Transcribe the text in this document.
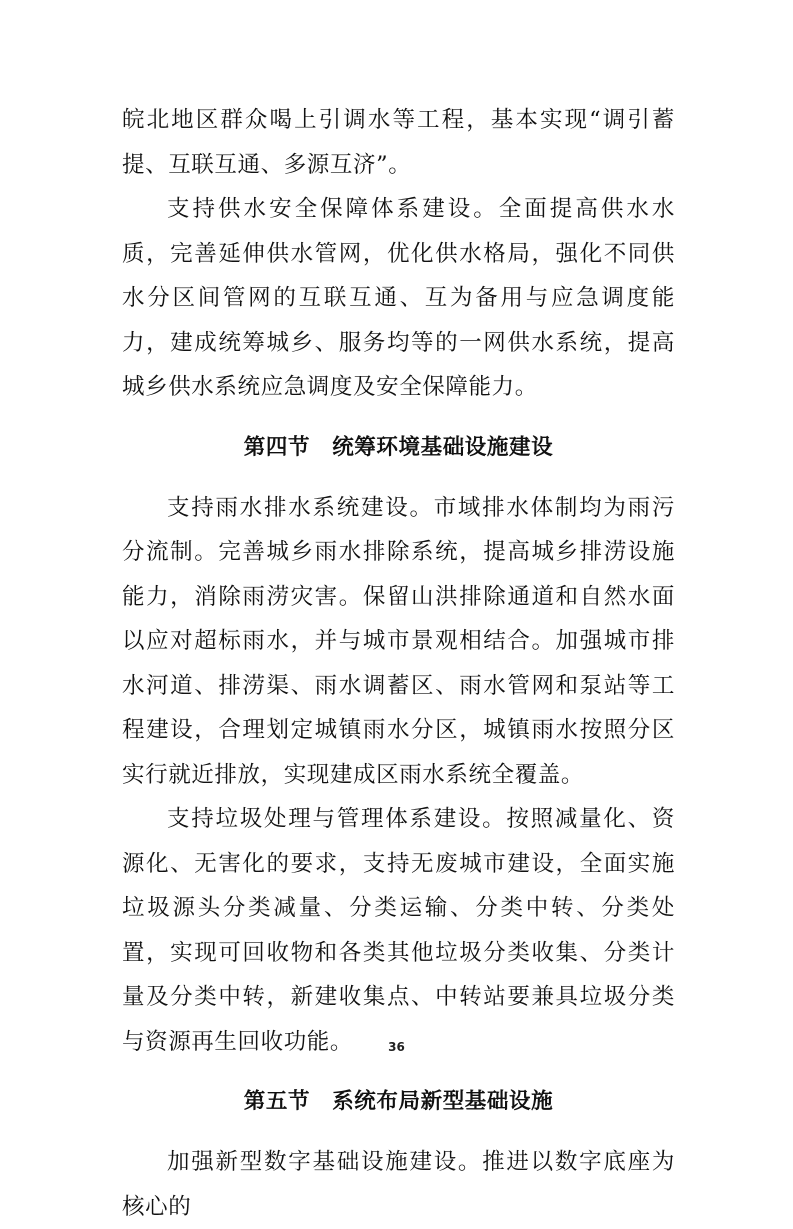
皖北地区群众喝上引调水等工程，基本实现“调引蓄提、互联互通、多源互济”。

支持供水安全保障体系建设。全面提高供水水质，完善延伸供水管网，优化供水格局，强化不同供水分区间管网的互联互通、互为备用与应急调度能力，建成统筹城乡、服务均等的一网供水系统，提高城乡供水系统应急调度及安全保障能力。

第四节　统筹环境基础设施建设

支持雨水排水系统建设。市域排水体制均为雨污分流制。完善城乡雨水排除系统，提高城乡排涝设施能力，消除雨涝灾害。保留山洪排除通道和自然水面以应对超标雨水，并与城市景观相结合。加强城市排水河道、排涝渠、雨水调蓄区、雨水管网和泵站等工程建设，合理划定城镇雨水分区，城镇雨水按照分区实行就近排放，实现建成区雨水系统全覆盖。

支持垃圾处理与管理体系建设。按照减量化、资源化、无害化的要求，支持无废城市建设，全面实施垃圾源头分类减量、分类运输、分类中转、分类处置，实现可回收物和各类其他垃圾分类收集、分类计量及分类中转，新建收集点、中转站要兼具垃圾分类与资源再生回收功能。

第五节　系统布局新型基础设施

加强新型数字基础设施建设。推进以数字底座为核心的

36
